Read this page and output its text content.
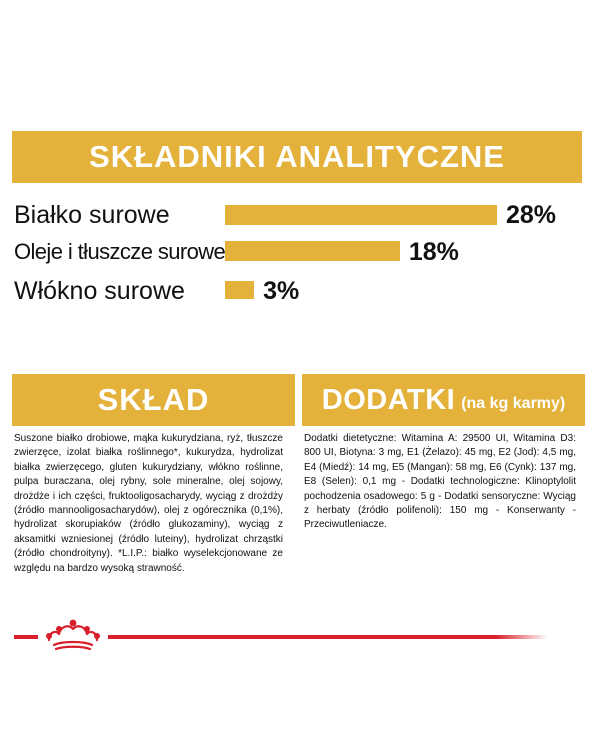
SKŁADNIKI ANALITYCZNE
Białko surowe	28%
Oleje i tłuszcze surowe	18%
Włókno surowe	3%
SKŁAD	DODATKI (na kg karmy)
Suszone białko drobiowe, mąka kukurydziana, ryż, tłuszcze zwierzęce, izolat białka roślinnego*, kukurydza, hydrolizat białka zwierzęcego, gluten kukurydziany, włókno roślinne, pulpa buraczana, olej rybny, sole mineralne, olej sojowy, drożdże i ich części, fruktooligosacharydy, wyciąg z drożdży (źródło mannooligosacharydów), olej z ogórecznika (0,1%), hydrolizat skorupiaków (źródło glukozaminy), wyciąg z aksamitki wzniesionej (źródło luteiny), hydrolizat chrząstki (źródło chondroityny). *L.I.P.: białko wyselekcjonowane ze względu na bardzo wysoką strawność.
Dodatki dietetyczne: Witamina A: 29500 UI, Witamina D3: 800 UI, Biotyna: 3 mg, E1 (Żelazo): 45 mg, E2 (Jod): 4,5 mg, E4 (Miedź): 14 mg, E5 (Mangan): 58 mg, E6 (Cynk): 137 mg, E8 (Selen): 0,1 mg - Dodatki technologiczne: Klinoptylolit pochodzenia osadowego: 5 g - Dodatki sensoryczne: Wyciąg z herbaty (źródło polifenoli): 150 mg - Konserwanty - Przeciwutleniacze.
